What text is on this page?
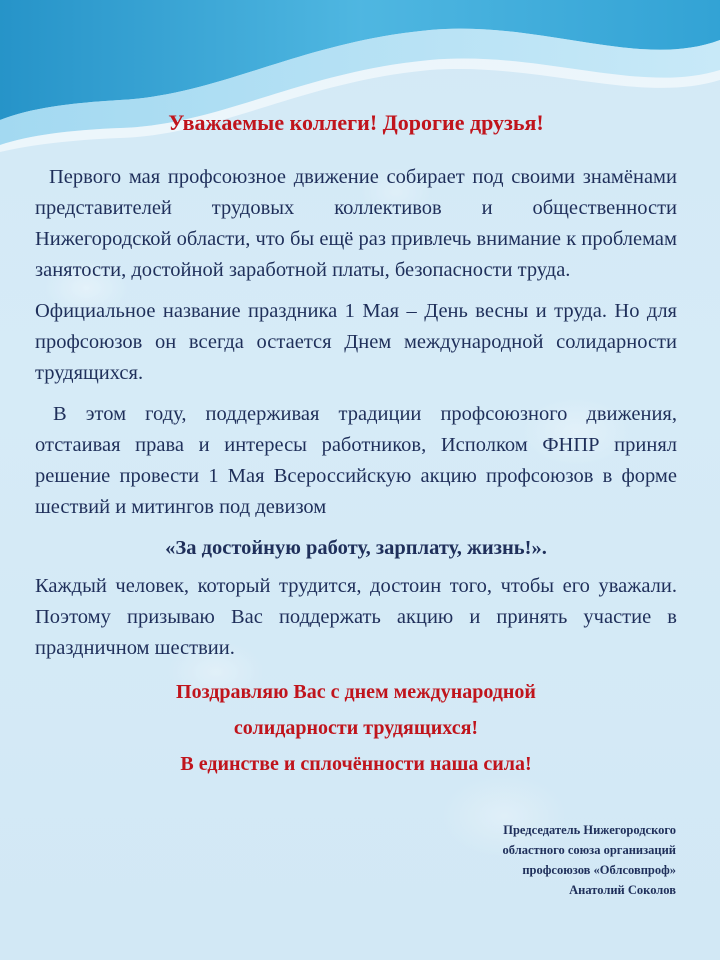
Уважаемые коллеги! Дорогие друзья!

Первого мая профсоюзное движение собирает под своими знамёнами представителей трудовых коллективов и общественности Нижегородской области, что бы ещё раз привлечь внимание к проблемам занятости, достойной заработной платы, безопасности труда.

Официальное название праздника 1 Мая – День весны и труда. Но для профсоюзов он всегда остается Днем международной солидарности трудящихся.

В этом году, поддерживая традиции профсоюзного движения, отстаивая права и интересы работников, Исполком ФНПР принял решение провести 1 Мая Всероссийскую акцию профсоюзов в форме шествий и митингов под девизом

«За достойную работу, зарплату, жизнь!».

Каждый человек, который трудится, достоин того, чтобы его уважали. Поэтому призываю Вас поддержать акцию и принять участие в праздничном шествии.

Поздравляю Вас с днем международной
солидарности трудящихся!
В единстве и сплочённости наша сила!
Председатель Нижегородского
областного союза организаций
профсоюзов «Облсовпроф»
Анатолий Соколов
